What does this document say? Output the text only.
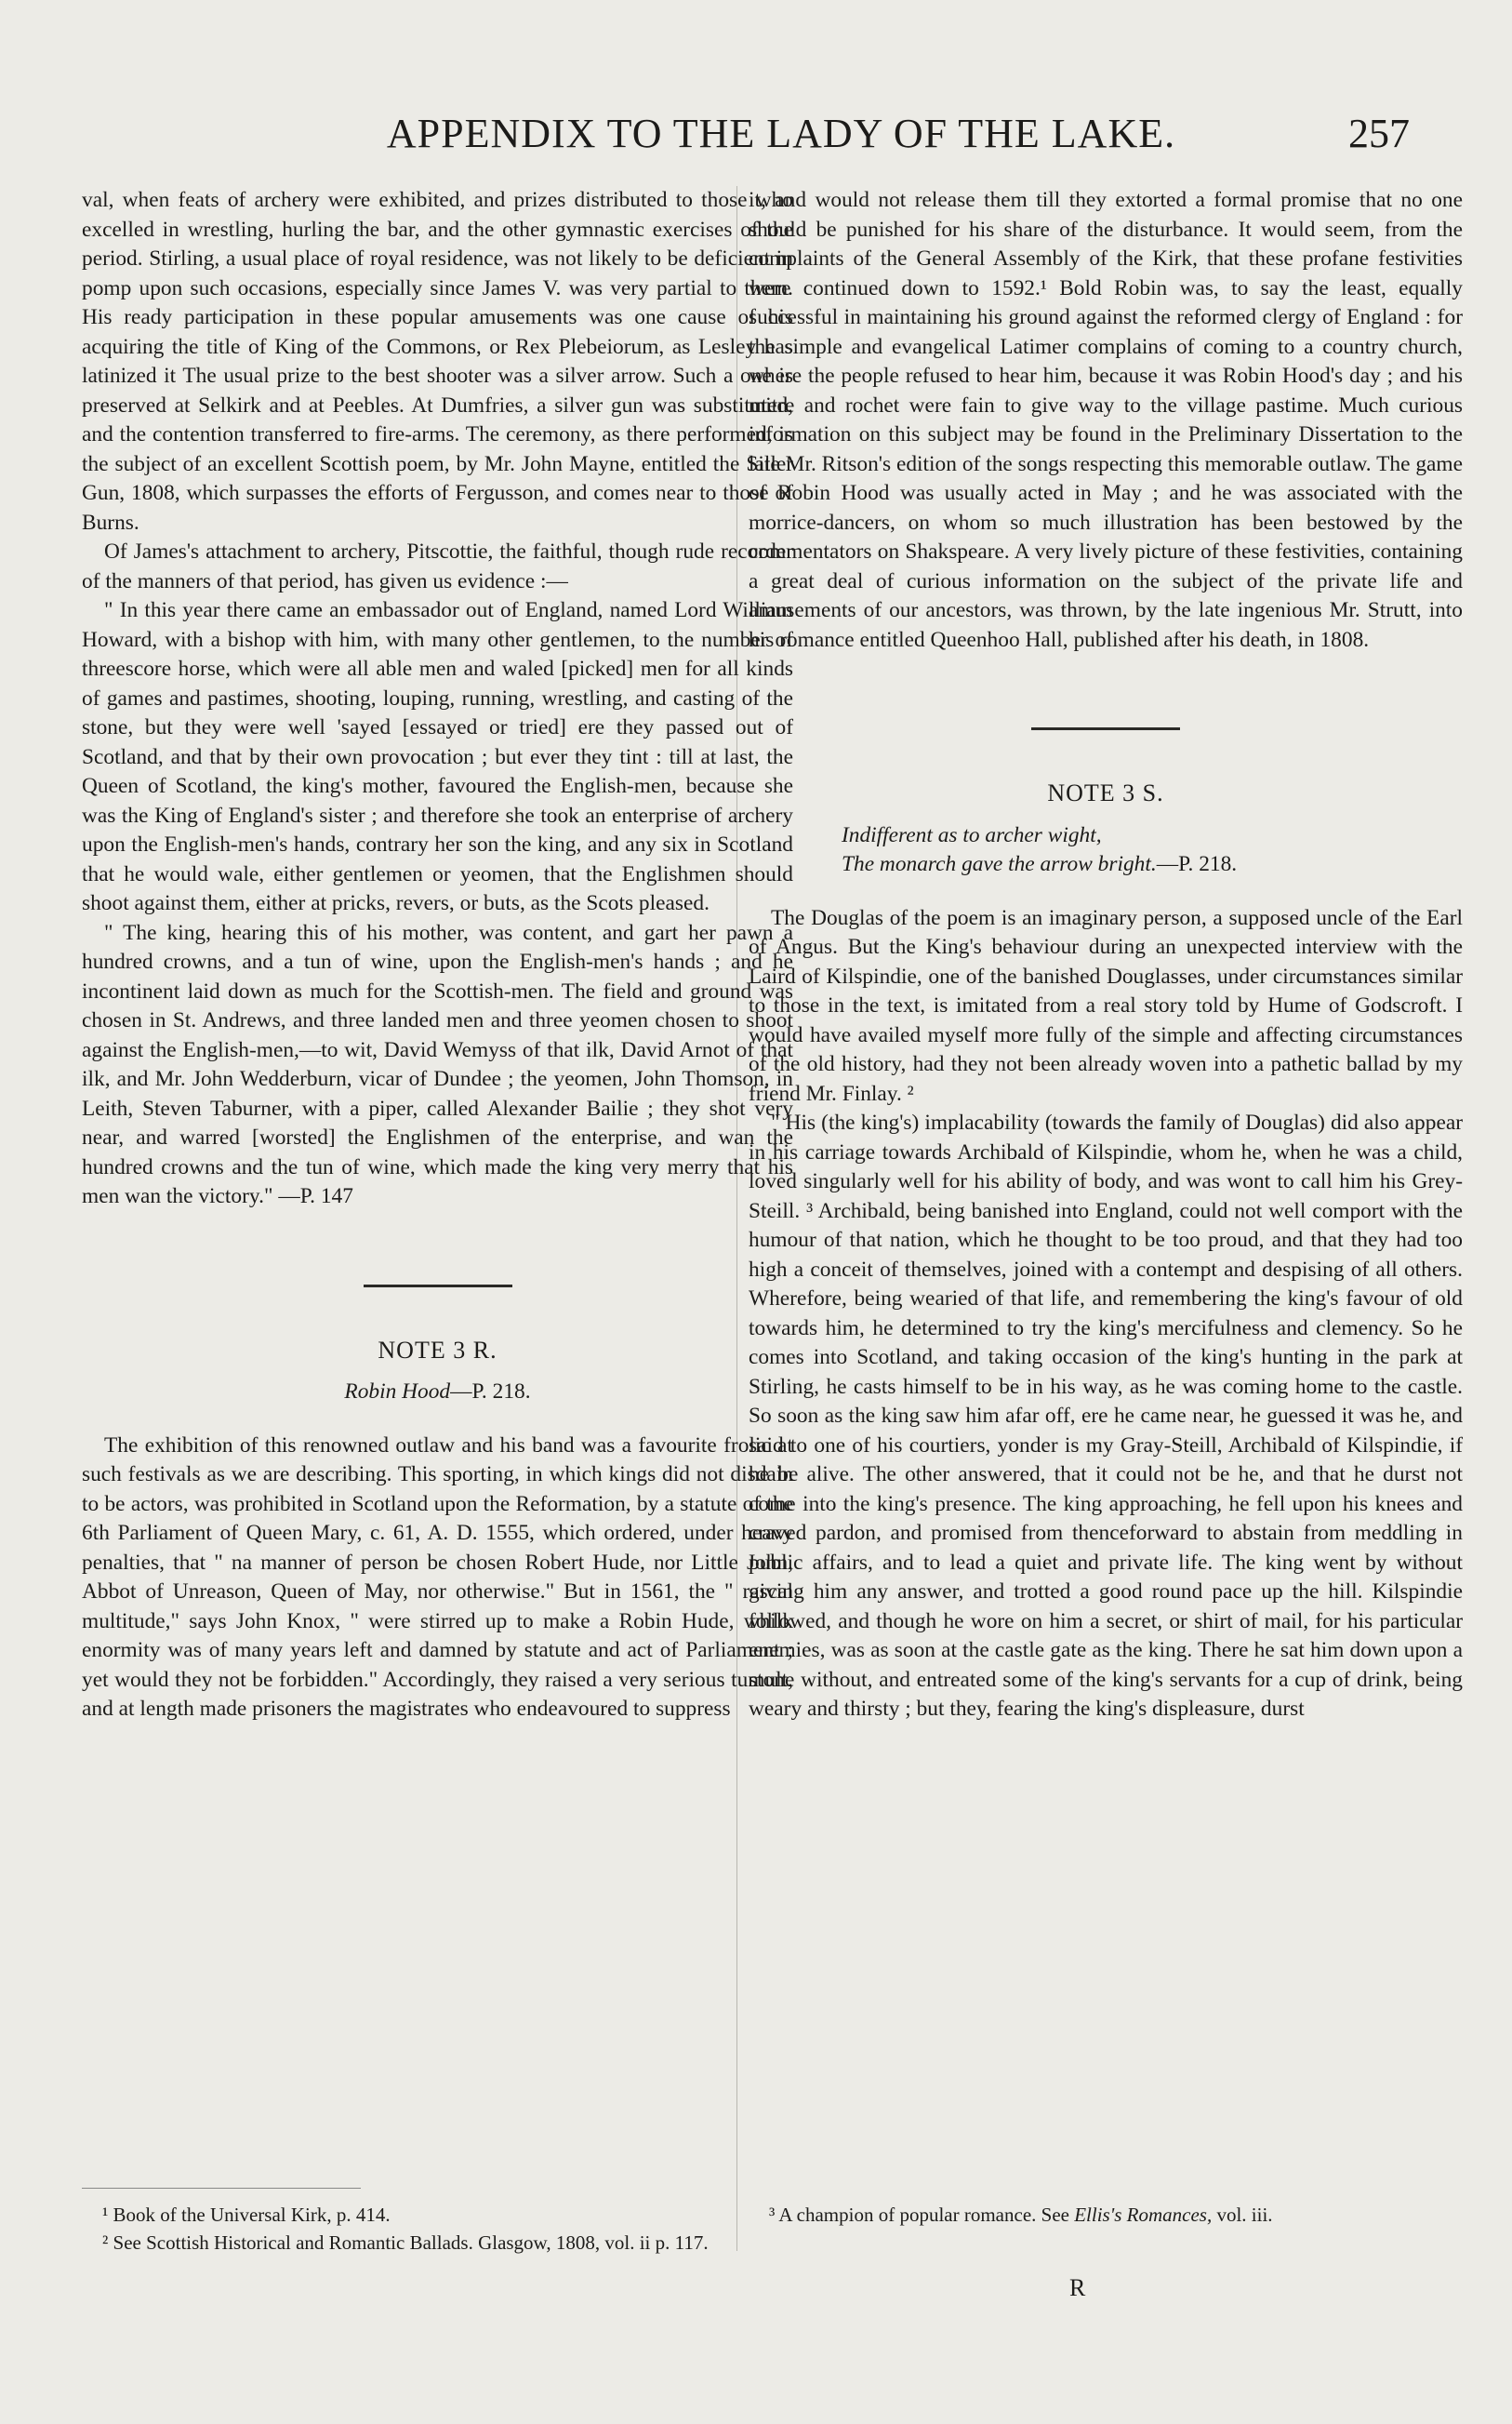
APPENDIX TO THE LADY OF THE LAKE.	257

val, when feats of archery were exhibited, and prizes distributed to those who excelled in wrestling, hurling the bar, and the other gymnastic exercises of the period. Stirling, a usual place of royal residence, was not likely to be deficient in pomp upon such occasions, especially since James V. was very partial to them. His ready participation in these popular amusements was one cause of his acquiring the title of King of the Commons, or Rex Plebeiorum, as Lesley has latinized it The usual prize to the best shooter was a silver arrow. Such a one is preserved at Selkirk and at Peebles. At Dumfries, a silver gun was substituted, and the contention transferred to fire-arms. The ceremony, as there performed, is the subject of an excellent Scottish poem, by Mr. John Mayne, entitled the Siller Gun, 1808, which surpasses the efforts of Fergusson, and comes near to those of Burns.

Of James's attachment to archery, Pitscottie, the faithful, though rude recorder of the manners of that period, has given us evidence :—

" In this year there came an embassador out of England, named Lord William Howard, with a bishop with him, with many other gentlemen, to the number of threescore horse, which were all able men and waled [picked] men for all kinds of games and pastimes, shooting, louping, running, wrestling, and casting of the stone, but they were well 'sayed [essayed or tried] ere they passed out of Scotland, and that by their own provocation ; but ever they tint : till at last, the Queen of Scotland, the king's mother, favoured the English-men, because she was the King of England's sister ; and therefore she took an enterprise of archery upon the English-men's hands, contrary her son the king, and any six in Scotland that he would wale, either gentlemen or yeomen, that the Englishmen should shoot against them, either at pricks, revers, or buts, as the Scots pleased.

" The king, hearing this of his mother, was content, and gart her pawn a hundred crowns, and a tun of wine, upon the English-men's hands ; and he incontinent laid down as much for the Scottish-men. The field and ground was chosen in St. Andrews, and three landed men and three yeomen chosen to shoot against the English-men,—to wit, David Wemyss of that ilk, David Arnot of that ilk, and Mr. John Wedderburn, vicar of Dundee ; the yeomen, John Thomson, in Leith, Steven Taburner, with a piper, called Alexander Bailie ; they shot very near, and warred [worsted] the Englishmen of the enterprise, and wan the hundred crowns and the tun of wine, which made the king very merry that his men wan the victory." —P. 147

NOTE 3 R.

Robin Hood—P. 218.

The exhibition of this renowned outlaw and his band was a favourite frolic at such festivals as we are describing. This sporting, in which kings did not disdain to be actors, was prohibited in Scotland upon the Reformation, by a statute of the 6th Parliament of Queen Mary, c. 61, A. D. 1555, which ordered, under heavy penalties, that " na manner of person be chosen Robert Hude, nor Little John, Abbot of Unreason, Queen of May, nor otherwise." But in 1561, the " rascal multitude," says John Knox, " were stirred up to make a Robin Hude, whilk enormity was of many years left and damned by statute and act of Parliament ; yet would they not be forbidden." Accordingly, they raised a very serious tumult, and at length made prisoners the magistrates who endeavoured to suppress

it, and would not release them till they extorted a formal promise that no one should be punished for his share of the disturbance. It would seem, from the complaints of the General Assembly of the Kirk, that these profane festivities were continued down to 1592.¹ Bold Robin was, to say the least, equally successful in maintaining his ground against the reformed clergy of England : for the simple and evangelical Latimer complains of coming to a country church, where the people refused to hear him, because it was Robin Hood's day ; and his mitre and rochet were fain to give way to the village pastime. Much curious information on this subject may be found in the Preliminary Dissertation to the late Mr. Ritson's edition of the songs respecting this memorable outlaw. The game of Robin Hood was usually acted in May ; and he was associated with the morrice-dancers, on whom so much illustration has been bestowed by the commentators on Shakspeare. A very lively picture of these festivities, containing a great deal of curious information on the subject of the private life and amusements of our ancestors, was thrown, by the late ingenious Mr. Strutt, into his romance entitled Queenhoo Hall, published after his death, in 1808.

NOTE 3 S.

Indifferent as to archer wight,

The monarch gave the arrow bright.—P. 218.

The Douglas of the poem is an imaginary person, a supposed uncle of the Earl of Angus. But the King's behaviour during an unexpected interview with the Laird of Kilspindie, one of the banished Douglasses, under circumstances similar to those in the text, is imitated from a real story told by Hume of Godscroft. I would have availed myself more fully of the simple and affecting circumstances of the old history, had they not been already woven into a pathetic ballad by my friend Mr. Finlay. ²

" His (the king's) implacability (towards the family of Douglas) did also appear in his carriage towards Archibald of Kilspindie, whom he, when he was a child, loved singularly well for his ability of body, and was wont to call him his Grey-Steill. ³ Archibald, being banished into England, could not well comport with the humour of that nation, which he thought to be too proud, and that they had too high a conceit of themselves, joined with a contempt and despising of all others. Wherefore, being wearied of that life, and remembering the king's favour of old towards him, he determined to try the king's mercifulness and clemency. So he comes into Scotland, and taking occasion of the king's hunting in the park at Stirling, he casts himself to be in his way, as he was coming home to the castle. So soon as the king saw him afar off, ere he came near, he guessed it was he, and said to one of his courtiers, yonder is my Gray-Steill, Archibald of Kilspindie, if he be alive. The other answered, that it could not be he, and that he durst not come into the king's presence. The king approaching, he fell upon his knees and craved pardon, and promised from thenceforward to abstain from meddling in public affairs, and to lead a quiet and private life. The king went by without giving him any answer, and trotted a good round pace up the hill. Kilspindie followed, and though he wore on him a secret, or shirt of mail, for his particular enemies, was as soon at the castle gate as the king. There he sat him down upon a stone without, and entreated some of the king's servants for a cup of drink, being weary and thirsty ; but they, fearing the king's displeasure, durst

¹ Book of the Universal Kirk, p. 414.

² See Scottish Historical and Romantic Ballads. Glasgow, 1808, vol. ii p. 117.

³ A champion of popular romance. See Ellis's Romances, vol. iii.

R
